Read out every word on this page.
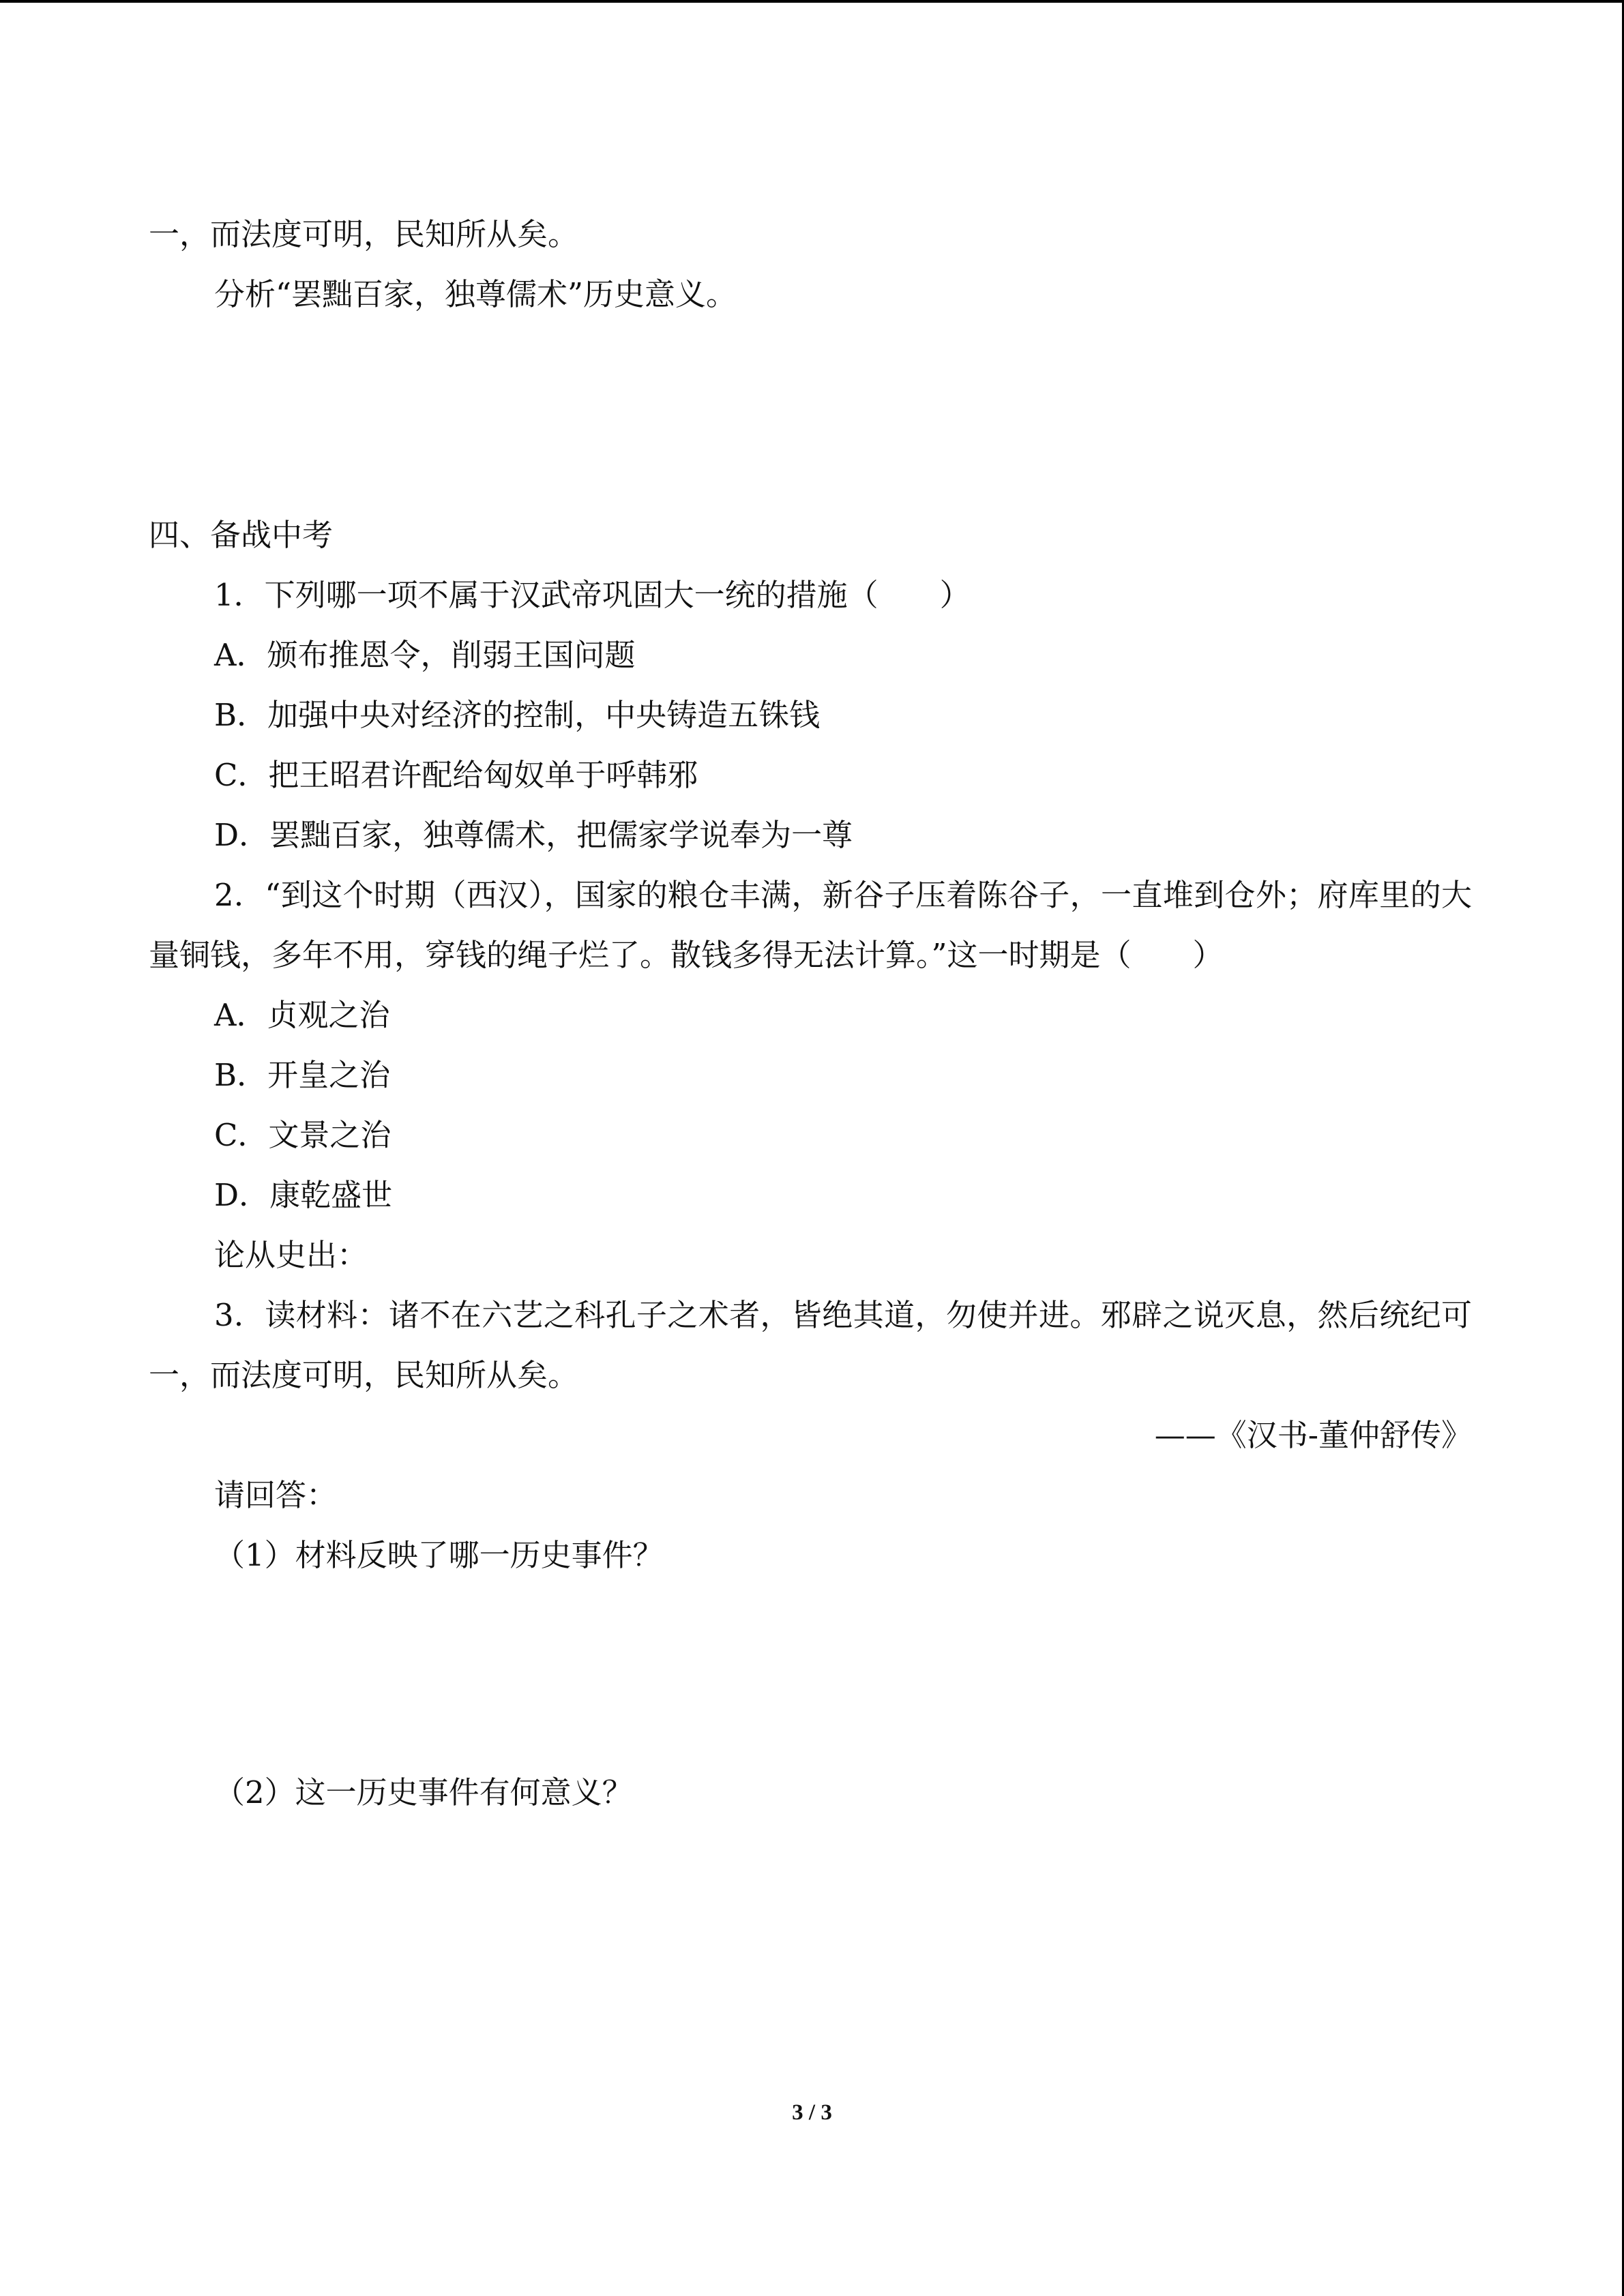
一，而法度可明，民知所从矣。
分析“罢黜百家，独尊儒术”历史意义。
四、备战中考
1．下列哪一项不属于汉武帝巩固大一统的措施（　　）
A．颁布推恩令，削弱王国问题
B．加强中央对经济的控制，中央铸造五铢钱
C．把王昭君许配给匈奴单于呼韩邪
D．罢黜百家，独尊儒术，把儒家学说奉为一尊
2．“到这个时期（西汉），国家的粮仓丰满，新谷子压着陈谷子，一直堆到仓外；府库里的大量铜钱，多年不用，穿钱的绳子烂了。散钱多得无法计算。”这一时期是（　　）
A．贞观之治
B．开皇之治
C．文景之治
D．康乾盛世
论从史出：
3．读材料：诸不在六艺之科孔子之术者，皆绝其道，勿使并进。邪辟之说灭息，然后统纪可一，而法度可明，民知所从矣。
——《汉书-董仲舒传》
请回答：
（1）材料反映了哪一历史事件？
（2）这一历史事件有何意义？
3 / 3
